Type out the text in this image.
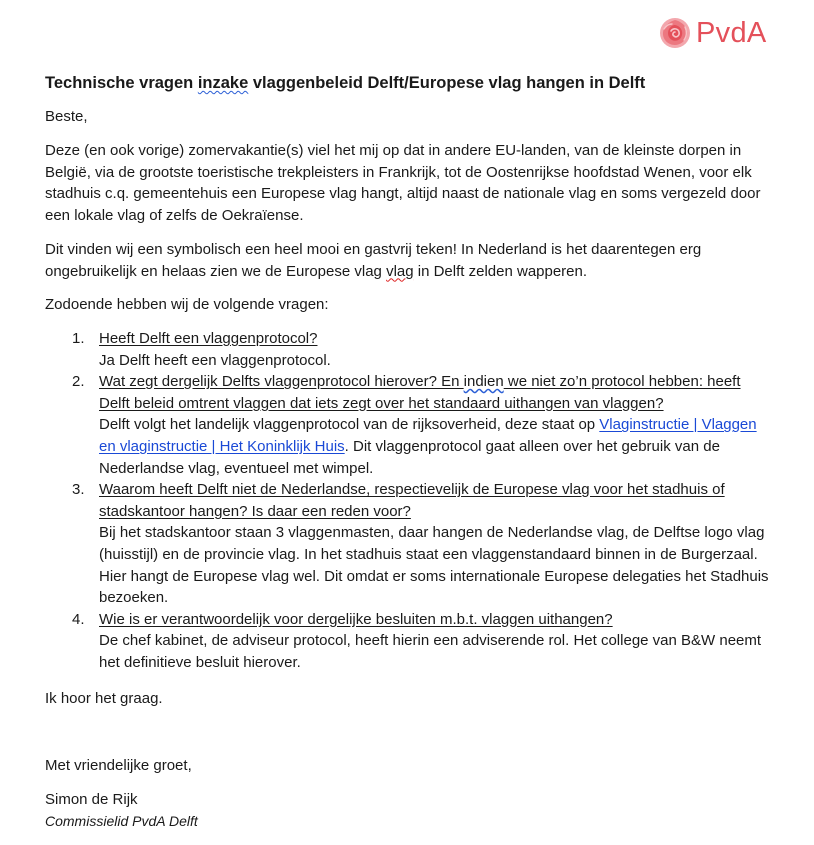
PvdA
Technische vragen inzake vlaggenbeleid Delft/Europese vlag hangen in Delft

Beste,

Deze (en ook vorige) zomervakantie(s) viel het mij op dat in andere EU-landen, van de kleinste dorpen in België, via de grootste toeristische trekpleisters in Frankrijk, tot de Oostenrijkse hoofdstad Wenen, voor elk stadhuis c.q. gemeentehuis een Europese vlag hangt, altijd naast de nationale vlag en soms vergezeld door een lokale vlag of zelfs de Oekraïense.

Dit vinden wij een symbolisch een heel mooi en gastvrij teken! In Nederland is het daarentegen erg ongebruikelijk en helaas zien we de Europese vlag vlag in Delft zelden wapperen.

Zodoende hebben wij de volgende vragen:

1. Heeft Delft een vlaggenprotocol?
Ja Delft heeft een vlaggenprotocol.
2. Wat zegt dergelijk Delfts vlaggenprotocol hierover? En indien we niet zo’n protocol hebben: heeft Delft beleid omtrent vlaggen dat iets zegt over het standaard uithangen van vlaggen?
Delft volgt het landelijk vlaggenprotocol van de rijksoverheid, deze staat op Vlaginstructie | Vlaggen en vlaginstructie | Het Koninklijk Huis. Dit vlaggenprotocol gaat alleen over het gebruik van de Nederlandse vlag, eventueel met wimpel.
3. Waarom heeft Delft niet de Nederlandse, respectievelijk de Europese vlag voor het stadhuis of stadskantoor hangen? Is daar een reden voor?
Bij het stadskantoor staan 3 vlaggenmasten, daar hangen de Nederlandse vlag, de Delftse logo vlag (huisstijl) en de provincie vlag. In het stadhuis staat een vlaggenstandaard binnen in de Burgerzaal. Hier hangt de Europese vlag wel. Dit omdat er soms internationale Europese delegaties het Stadhuis bezoeken.
4. Wie is er verantwoordelijk voor dergelijke besluiten m.b.t. vlaggen uithangen?
De chef kabinet, de adviseur protocol, heeft hierin een adviserende rol. Het college van B&W neemt het definitieve besluit hierover.

Ik hoor het graag.

Met vriendelijke groet,

Simon de Rijk

Commissielid PvdA Delft
